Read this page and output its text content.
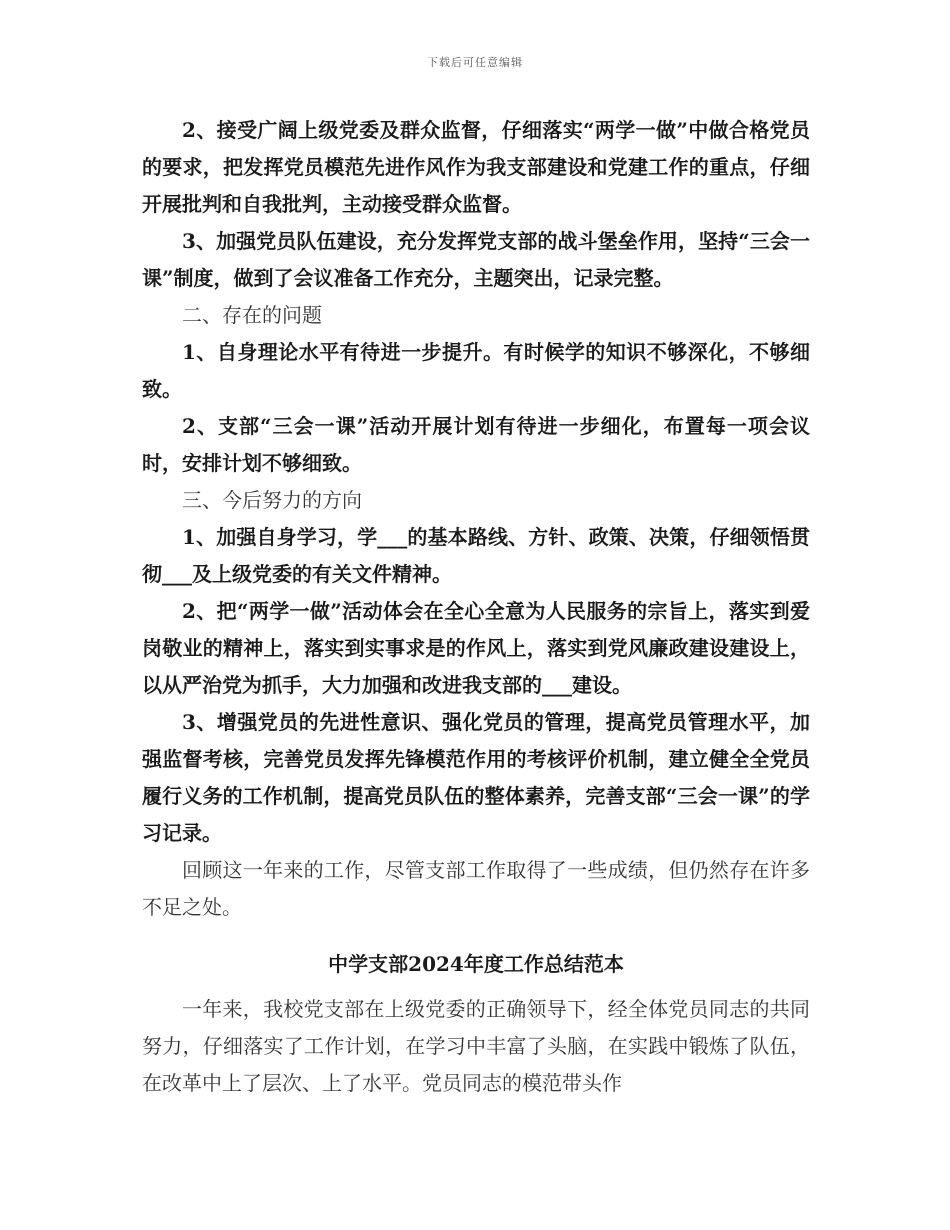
下载后可任意编辑

2、接受广阔上级党委及群众监督，仔细落实“两学一做”中做合格党员的要求，把发挥党员模范先进作风作为我支部建设和党建工作的重点，仔细开展批判和自我批判，主动接受群众监督。

3、加强党员队伍建设，充分发挥党支部的战斗堡垒作用，坚持“三会一课”制度，做到了会议准备工作充分，主题突出，记录完整。

二、存在的问题

1、自身理论水平有待进一步提升。有时候学的知识不够深化，不够细致。

2、支部“三会一课”活动开展计划有待进一步细化，布置每一项会议时，安排计划不够细致。

三、今后努力的方向

1、加强自身学习，学___的基本路线、方针、政策、决策，仔细领悟贯彻___及上级党委的有关文件精神。

2、把“两学一做”活动体会在全心全意为人民服务的宗旨上，落实到爱岗敬业的精神上，落实到实事求是的作风上，落实到党风廉政建设建设上，以从严治党为抓手，大力加强和改进我支部的___建设。

3、增强党员的先进性意识、强化党员的管理，提高党员管理水平，加强监督考核，完善党员发挥先锋模范作用的考核评价机制，建立健全全党员履行义务的工作机制，提高党员队伍的整体素养，完善支部“三会一课”的学习记录。

回顾这一年来的工作，尽管支部工作取得了一些成绩，但仍然存在许多不足之处。

中学支部2024年度工作总结范本

一年来，我校党支部在上级党委的正确领导下，经全体党员同志的共同努力，仔细落实了工作计划，在学习中丰富了头脑，在实践中锻炼了队伍，在改革中上了层次、上了水平。党员同志的模范带头作
